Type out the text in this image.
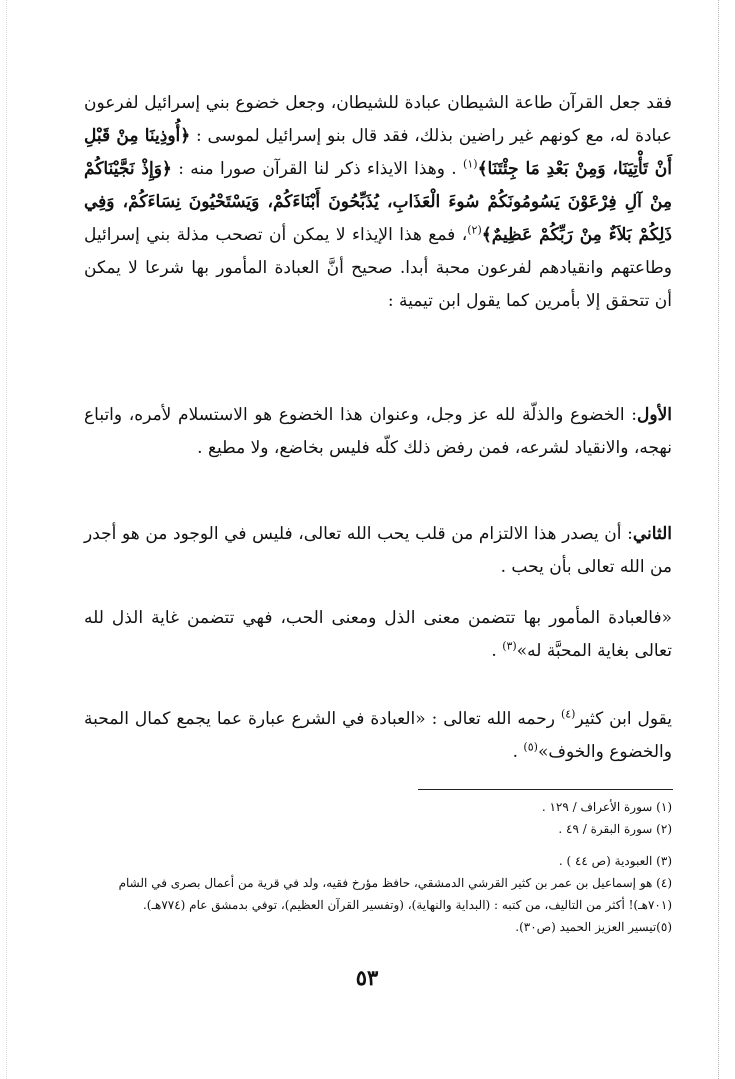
فقد جعل القرآن طاعة الشيطان عبادة للشيطان، وجعل خضوع بني إسرائيل لفرعون عبادة له، مع كونهم غير راضين بذلك، فقد قال بنو إسرائيل لموسى : ﴿أُوذِينَا مِنْ قَبْلِ أَنْ تَأْتِيَنَا، وَمِنْ بَعْدِ مَا جِئْتَنَا﴾$^{(١)}$ . وهذا الايذاء ذكر لنا القرآن صورا منه : ﴿وَإِذْ نَجَّيْنَاكُمْ مِنْ آلِ فِرْعَوْنَ يَسُومُونَكُمْ سُوءَ الْعَذَابِ، يُذَبِّحُونَ أَبْنَاءَكُمْ، وَيَسْتَحْيُونَ نِسَاءَكُمْ، وَفِي ذَلِكُمْ بَلاَءٌ مِنْ رَبِّكُمْ عَظِيمٌ﴾$^{(٢)}$، فمع هذا الإيذاء لا يمكن أن تصحب مذلة بني إسرائيل وطاعتهم وانقيادهم لفرعون محبة أبدا. صحيح أنَّ العبادة المأمور بها شرعا لا يمكن أن تتحقق إلا بأمرين كما يقول ابن تيمية :

الأول: الخضوع والذلّة لله عز وجل، وعنوان هذا الخضوع هو الاستسلام لأمره، واتباع نهجه، والانقياد لشرعه، فمن رفض ذلك كلّه فليس بخاضع، ولا مطيع .

الثاني: أن يصدر هذا الالتزام من قلب يحب الله تعالى، فليس في الوجود من هو أجدر من الله تعالى بأن يحب .

«فالعبادة المأمور بها تتضمن معنى الذل ومعنى الحب، فهي تتضمن غاية الذل لله تعالى بغاية المحبَّة له»$^{(٣)}$ .

يقول ابن كثير$^{(٤)}$ رحمه الله تعالى : «العبادة في الشرع عبارة عما يجمع كمال المحبة والخضوع والخوف»$^{(٥)}$ .

(١) سورة الأعراف / ١٢٩ .
(٢) سورة البقرة / ٤٩ .
(٣) العبودية (ص ٤٤ ) .
(٤) هو إسماعيل بن عمر بن كثير القرشي الدمشقي، حافظ مؤرخ فقيه، ولد في قرية من أعمال بصرى في الشام
(٧٠١هـ)! أكثر من التاليف، من كتبه : (البداية والنهاية)، (وتفسير القرآن العظيم)، توفي بدمشق عام (٧٧٤هـ).
(٥)تيسير العزيز الحميد (ص٣٠).
٥٣
